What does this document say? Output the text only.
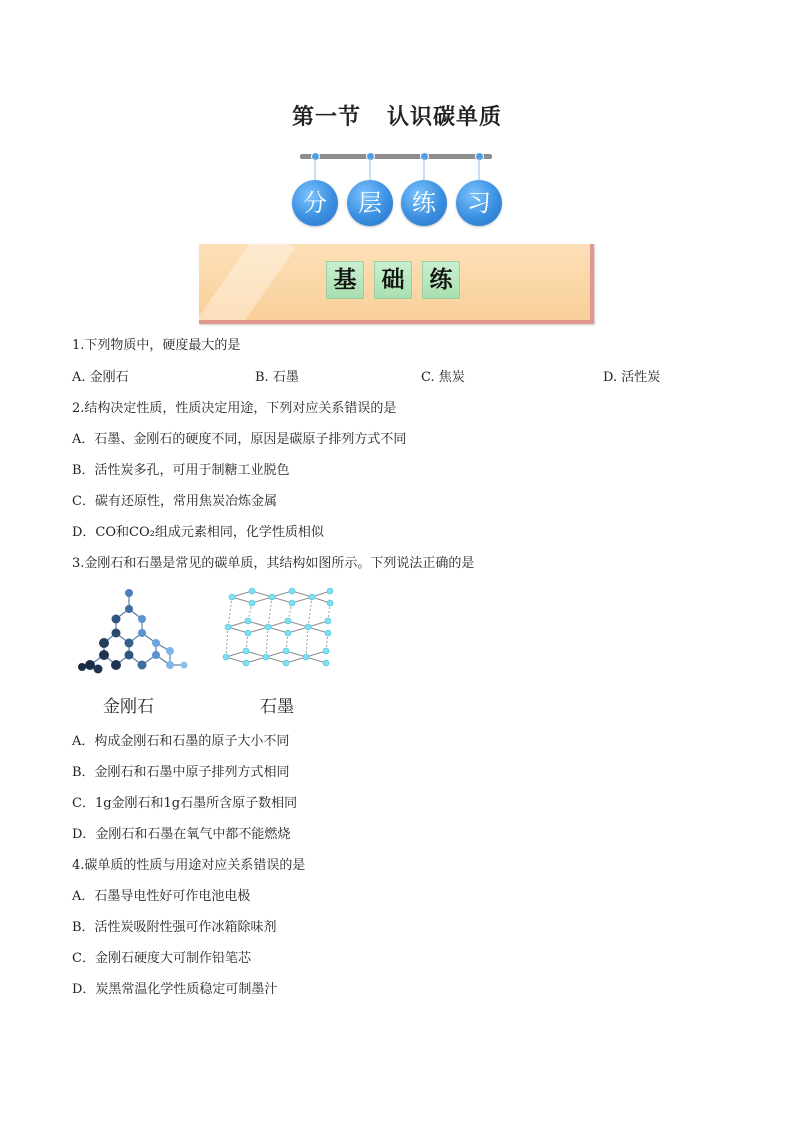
第一节 认识碳单质
分	层	练	习
基	础	练
1.下列物质中，硬度最大的是
A. 金刚石	B. 石墨	C. 焦炭	D. 活性炭
2.结构决定性质，性质决定用途，下列对应关系错误的是
A．石墨、金刚石的硬度不同，原因是碳原子排列方式不同
B．活性炭多孔，可用于制糖工业脱色
C．碳有还原性，常用焦炭冶炼金属
D．CO和CO₂组成元素相同，化学性质相似
3.金刚石和石墨是常见的碳单质，其结构如图所示。下列说法正确的是
金刚石	石墨
A．构成金刚石和石墨的原子大小不同
B．金刚石和石墨中原子排列方式相同
C．1g金刚石和1g石墨所含原子数相同
D．金刚石和石墨在氧气中都不能燃烧
4.碳单质的性质与用途对应关系错误的是
A．石墨导电性好可作电池电极
B．活性炭吸附性强可作冰箱除味剂
C．金刚石硬度大可制作铅笔芯
D．炭黑常温化学性质稳定可制墨汁
